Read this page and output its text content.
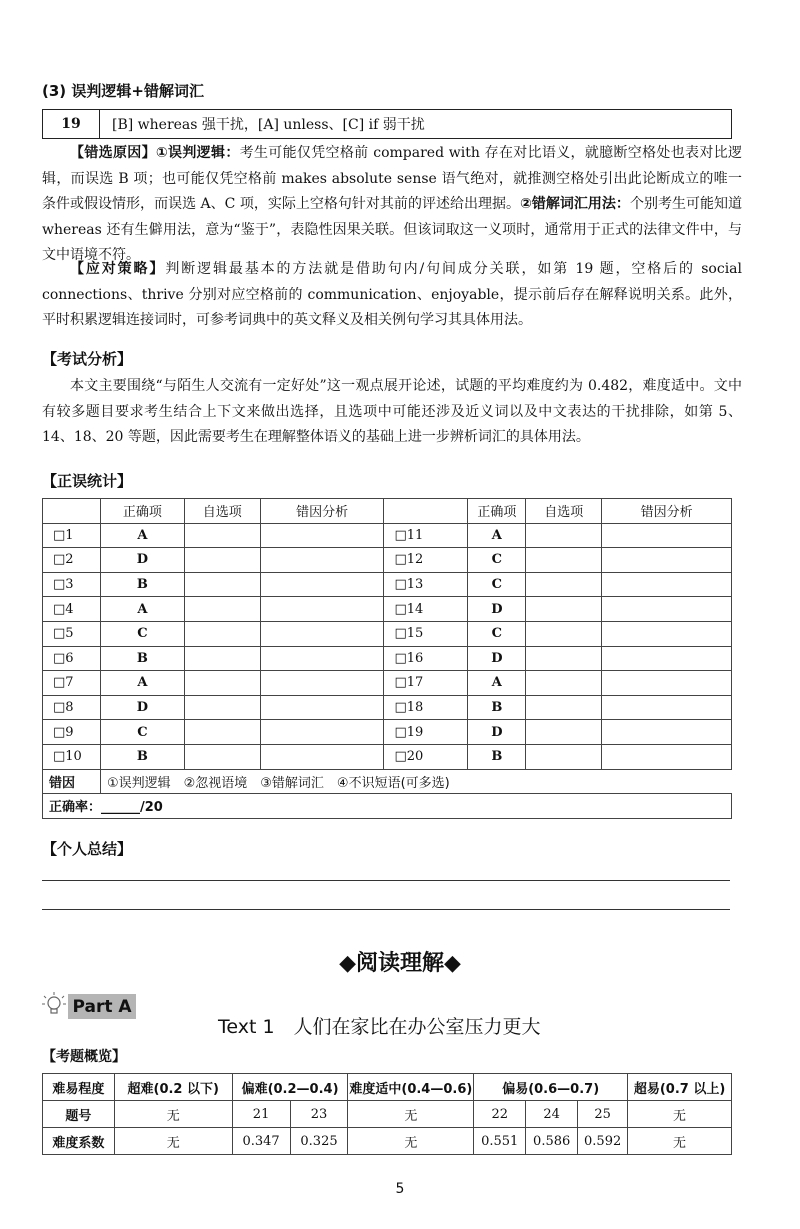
(3) 误判逻辑+错解词汇
19	[B] whereas 强干扰，[A] unless、[C] if 弱干扰
【错选原因】①误判逻辑：考生可能仅凭空格前 compared with 存在对比语义，就臆断空格处也表对比逻辑，而误选 B 项；也可能仅凭空格前 makes absolute sense 语气绝对，就推测空格处引出此论断成立的唯一条件或假设情形，而误选 A、C 项，实际上空格句针对其前的评述给出理据。②错解词汇用法：个别考生可能知道 whereas 还有生僻用法，意为“鉴于”，表隐性因果关联。但该词取这一义项时，通常用于正式的法律文件中，与文中语境不符。
【应对策略】判断逻辑最基本的方法就是借助句内/句间成分关联，如第 19 题，空格后的 social connections、thrive 分别对应空格前的 communication、enjoyable，提示前后存在解释说明关系。此外，平时积累逻辑连接词时，可参考词典中的英文释义及相关例句学习其具体用法。
【考试分析】
本文主要围绕“与陌生人交流有一定好处”这一观点展开论述，试题的平均难度约为 0.482，难度适中。文中有较多题目要求考生结合上下文来做出选择，且选项中可能还涉及近义词以及中文表达的干扰排除，如第 5、14、18、20 等题，因此需要考生在理解整体语义的基础上进一步辨析词汇的具体用法。
【正误统计】
	正确项	自选项	错因分析		正确项	自选项	错因分析
□1	A			□11	A		
□2	D			□12	C		
□3	B			□13	C		
□4	A			□14	D		
□5	C			□15	C		
□6	B			□16	D		
□7	A			□17	A		
□8	D			□18	B		
□9	C			□19	D		
□10	B			□20	B		
错因	①误判逻辑　②忽视语境　③错解词汇　④不识短语(可多选)						
正确率：______/20							
【个人总结】
◆阅读理解◆
Part A
Text 1　人们在家比在办公室压力更大
【考题概览】
难易程度	超难(0.2 以下)	偏难(0.2—0.4)		难度适中(0.4—0.6)	偏易(0.6—0.7)			超易(0.7 以上)
题号	无	21	23	无	22	24	25	无
难度系数	无	0.347	0.325	无	0.551	0.586	0.592	无
5
